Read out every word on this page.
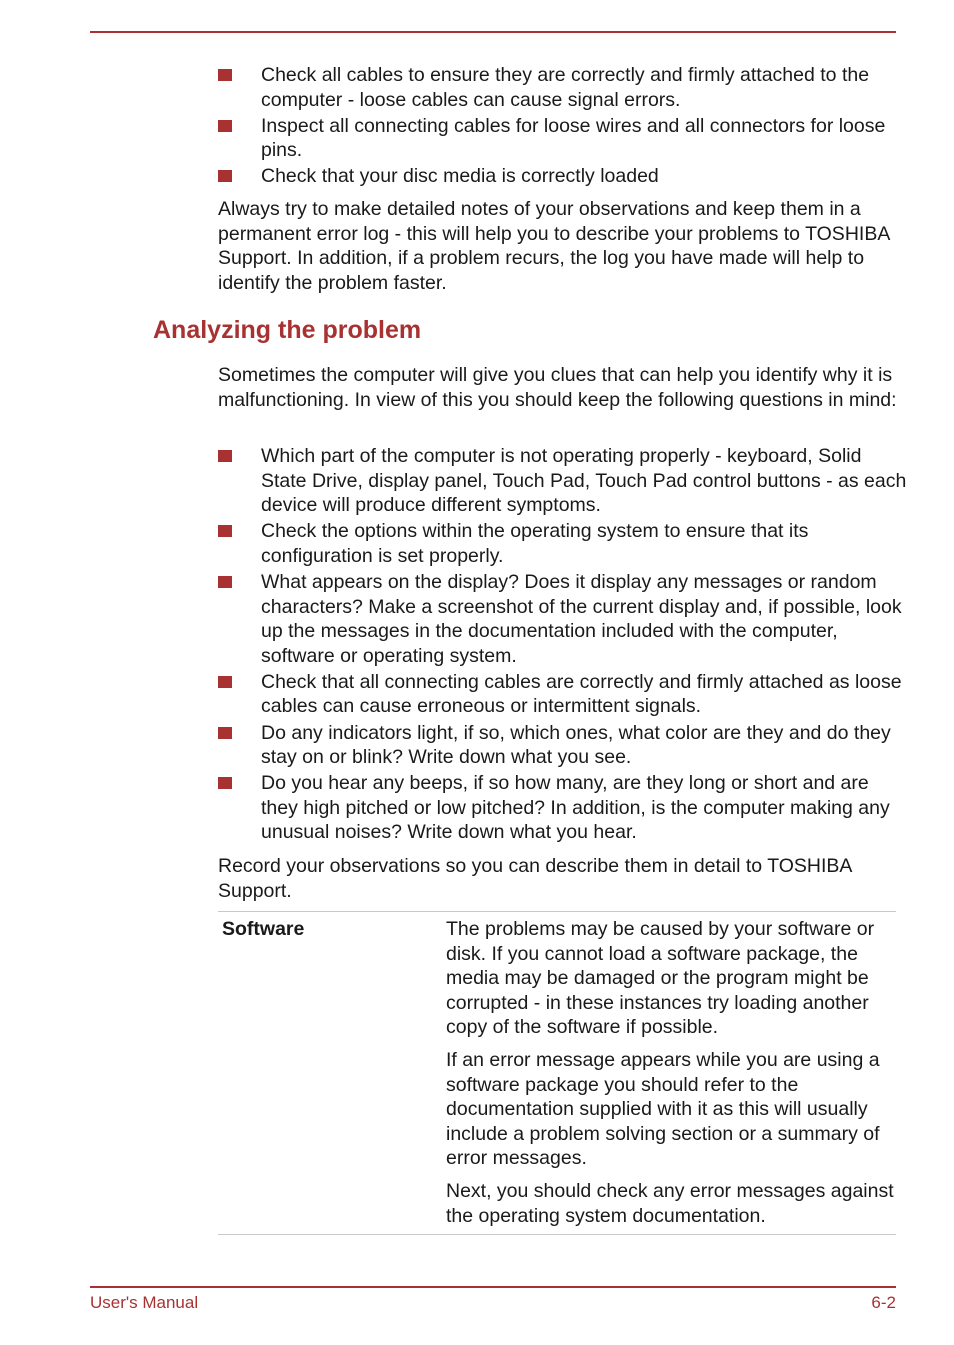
Check all cables to ensure they are correctly and firmly attached to the computer - loose cables can cause signal errors.
Inspect all connecting cables for loose wires and all connectors for loose pins.
Check that your disc media is correctly loaded
Always try to make detailed notes of your observations and keep them in a permanent error log - this will help you to describe your problems to TOSHIBA Support. In addition, if a problem recurs, the log you have made will help to identify the problem faster.
Analyzing the problem
Sometimes the computer will give you clues that can help you identify why it is malfunctioning. In view of this you should keep the following questions in mind:
Which part of the computer is not operating properly - keyboard, Solid State Drive, display panel, Touch Pad, Touch Pad control buttons - as each device will produce different symptoms.
Check the options within the operating system to ensure that its configuration is set properly.
What appears on the display? Does it display any messages or random characters? Make a screenshot of the current display and, if possible, look up the messages in the documentation included with the computer, software or operating system.
Check that all connecting cables are correctly and firmly attached as loose cables can cause erroneous or intermittent signals.
Do any indicators light, if so, which ones, what color are they and do they stay on or blink? Write down what you see.
Do you hear any beeps, if so how many, are they long or short and are they high pitched or low pitched? In addition, is the computer making any unusual noises? Write down what you hear.
Record your observations so you can describe them in detail to TOSHIBA Support.
Software	The problems may be caused by your software or disk. If you cannot load a software package, the media may be damaged or the program might be corrupted - in these instances try loading another copy of the software if possible.

If an error message appears while you are using a software package you should refer to the documentation supplied with it as this will usually include a problem solving section or a summary of error messages.

Next, you should check any error messages against the operating system documentation.

User's Manual	6-2
